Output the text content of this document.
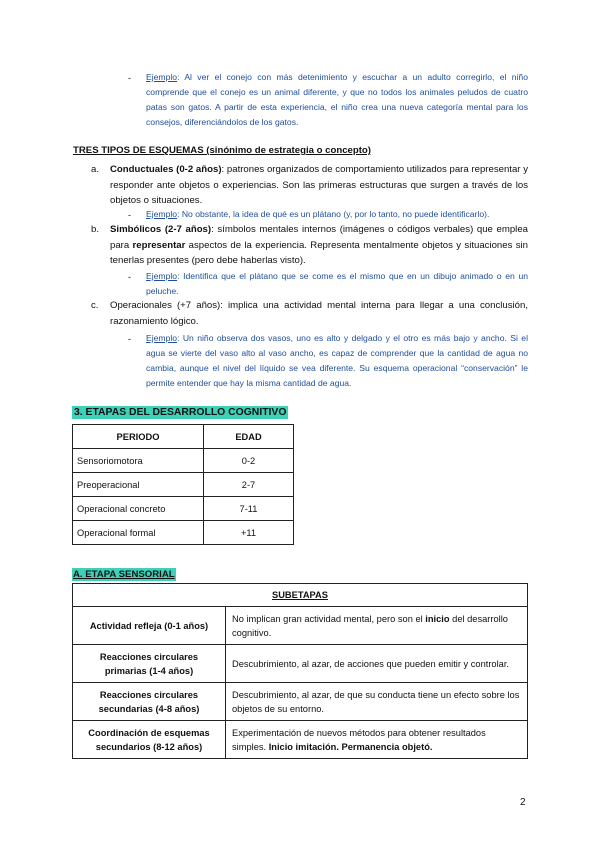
- Ejemplo: Al ver el conejo con más detenimiento y escuchar a un adulto corregirlo, el niño comprende que el conejo es un animal diferente, y que no todos los animales peludos de cuatro patas son gatos. A partir de esta experiencia, el niño crea una nueva categoría mental para los consejos, diferenciándolos de los gatos.
TRES TIPOS DE ESQUEMAS (sinónimo de estrategia o concepto)
a. Conductuales (0-2 años): patrones organizados de comportamiento utilizados para representar y responder ante objetos o experiencias. Son las primeras estructuras que surgen a través de los objetos o situaciones.
- Ejemplo: No obstante, la idea de qué es un plátano (y, por lo tanto, no puede identificarlo).
b. Simbólicos (2-7 años): símbolos mentales internos (imágenes o códigos verbales) que emplea para representar aspectos de la experiencia. Representa mentalmente objetos y situaciones sin tenerlas presentes (pero debe haberlas visto).
- Ejemplo: Identifica que el plátano que se come es el mismo que en un dibujo animado o en un peluche.
c. Operacionales (+7 años): implica una actividad mental interna para llegar a una conclusión, razonamiento lógico.
- Ejemplo: Un niño observa dos vasos, uno es alto y delgado y el otro es más bajo y ancho. Si el agua se vierte del vaso alto al vaso ancho, es capaz de comprender que la cantidad de agua no cambia, aunque el nivel del líquido se vea diferente. Su esquema operacional “conservación” le permite entender que hay la misma cantidad de agua.
3. ETAPAS DEL DESARROLLO COGNITIVO
PERIODO	EDAD
Sensoriomotora	0-2
Preoperacional	2-7
Operacional concreto	7-11
Operacional formal	+11
A. ETAPA SENSORIAL
SUBETAPAS	
Actividad refleja (0-1 años)	No implican gran actividad mental, pero son el inicio del desarrollo cognitivo.
Reacciones circulares primarias (1-4 años)	Descubrimiento, al azar, de acciones que pueden emitir y controlar.
Reacciones circulares secundarias (4-8 años)	Descubrimiento, al azar, de que su conducta tiene un efecto sobre los objetos de su entorno.
Coordinación de esquemas secundarios (8-12 años)	Experimentación de nuevos métodos para obtener resultados simples. Inicio imitación. Permanencia objetó.
2
